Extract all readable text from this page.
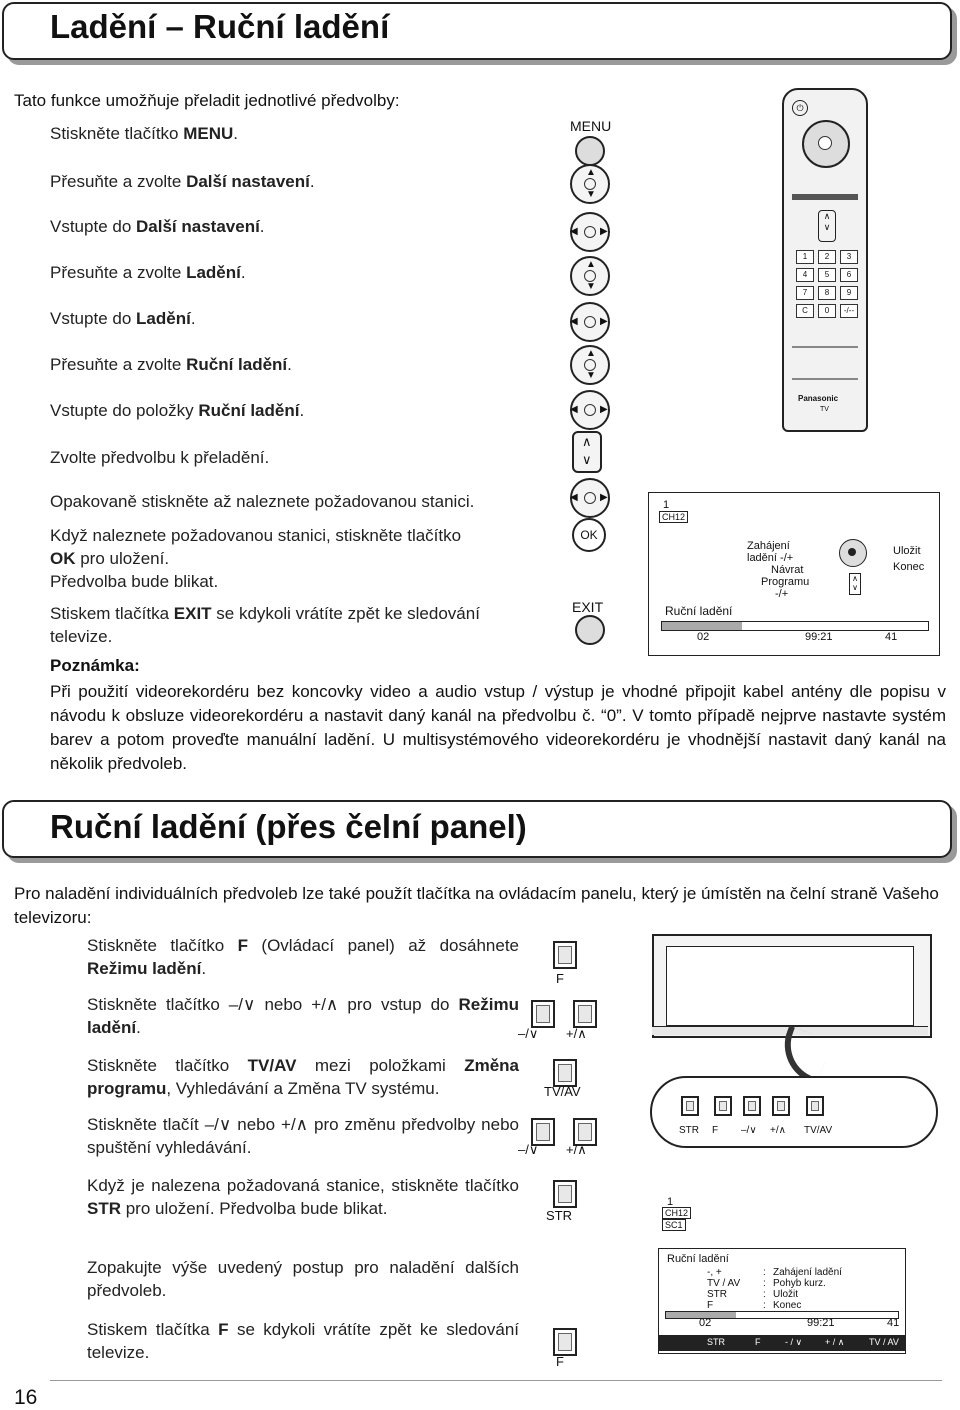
Ladění – Ruční ladění
Tato funkce umožňuje přeladit jednotlivé předvolby:
Stiskněte tlačítko MENU.
Přesuňte a zvolte Další nastavení.
Vstupte do Další nastavení.
Přesuňte a zvolte Ladění.
Vstupte do Ladění.
Přesuňte a zvolte Ruční ladění.
Vstupte do položky Ruční ladění.
Zvolte předvolbu k přeladění.
Opakovaně stiskněte až naleznete požadovanou stanici.
Když naleznete požadovanou stanici, stiskněte tlačítko
OK pro uložení.
Předvolba bude blikat.
Stiskem tlačítka EXIT se kdykoli vrátíte zpět ke sledování televize.
MENU
▲
▼
◀ ▶
▲
▼
◀ ▶
▲
▼
◀ ▶
◀ ▶
∧
∨
OK
EXIT
⏻
∧
∨
1	2	3
4	5	6
7	8	9
C	0	-/--
Panasonic
TV
1
CH12
Zahájení
ladění -/+
Návrat
Programu
-/+
∧
∨
Uložit
Konec
Ruční ladění
02	99:21	41
Poznámka:
Při použití videorekordéru bez koncovky video a audio vstup / výstup je vhodné připojit kabel antény dle popisu v návodu k obsluze videorekordéru a nastavit daný kanál na předvolbu č. “0”. V tomto případě nejprve nastavte systém barev a potom proveďte manuální ladění. U multisystémového videorekordéru je vhodnější nastavit daný kanál na několik předvoleb.
Ruční ladění (přes čelní panel)
Pro naladění individuálních předvoleb lze také použít tlačítka na ovládacím panelu, který je úmístěn na čelní straně Vašeho televizoru:
Stiskněte tlačítko F (Ovládací panel) až dosáhnete Režimu ladění.
Stiskněte tlačítko –/∨ nebo +/∧ pro vstup do Režimu ladění.
Stiskněte tlačítko TV/AV mezi položkami Změna programu, Vyhledávání a Změna TV systému.
Stiskněte tlačít –/∨ nebo +/∧ pro změnu předvolby nebo spuštění vyhledávání.
Když je nalezena požadovaná stanice, stiskněte tlačítko STR pro uložení. Předvolba bude blikat.
Zopakujte výše uvedený postup pro naladění dalších předvoleb.
Stiskem tlačítka F se kdykoli vrátíte zpět ke sledování televize.
F
–/∨ +/∧
TV/AV
–/∨ +/∧
STR
F
STR F –/∨ +/∧ TV/AV
1
CH12
SC1
Ruční ladění
-, +	: Zahájení ladění
TV / AV : Pohyb kurz.
STR	: Uložit
F	: Konec
02	99:21	41
STR	F	- / ∨	+ / ∧	TV / AV
16
